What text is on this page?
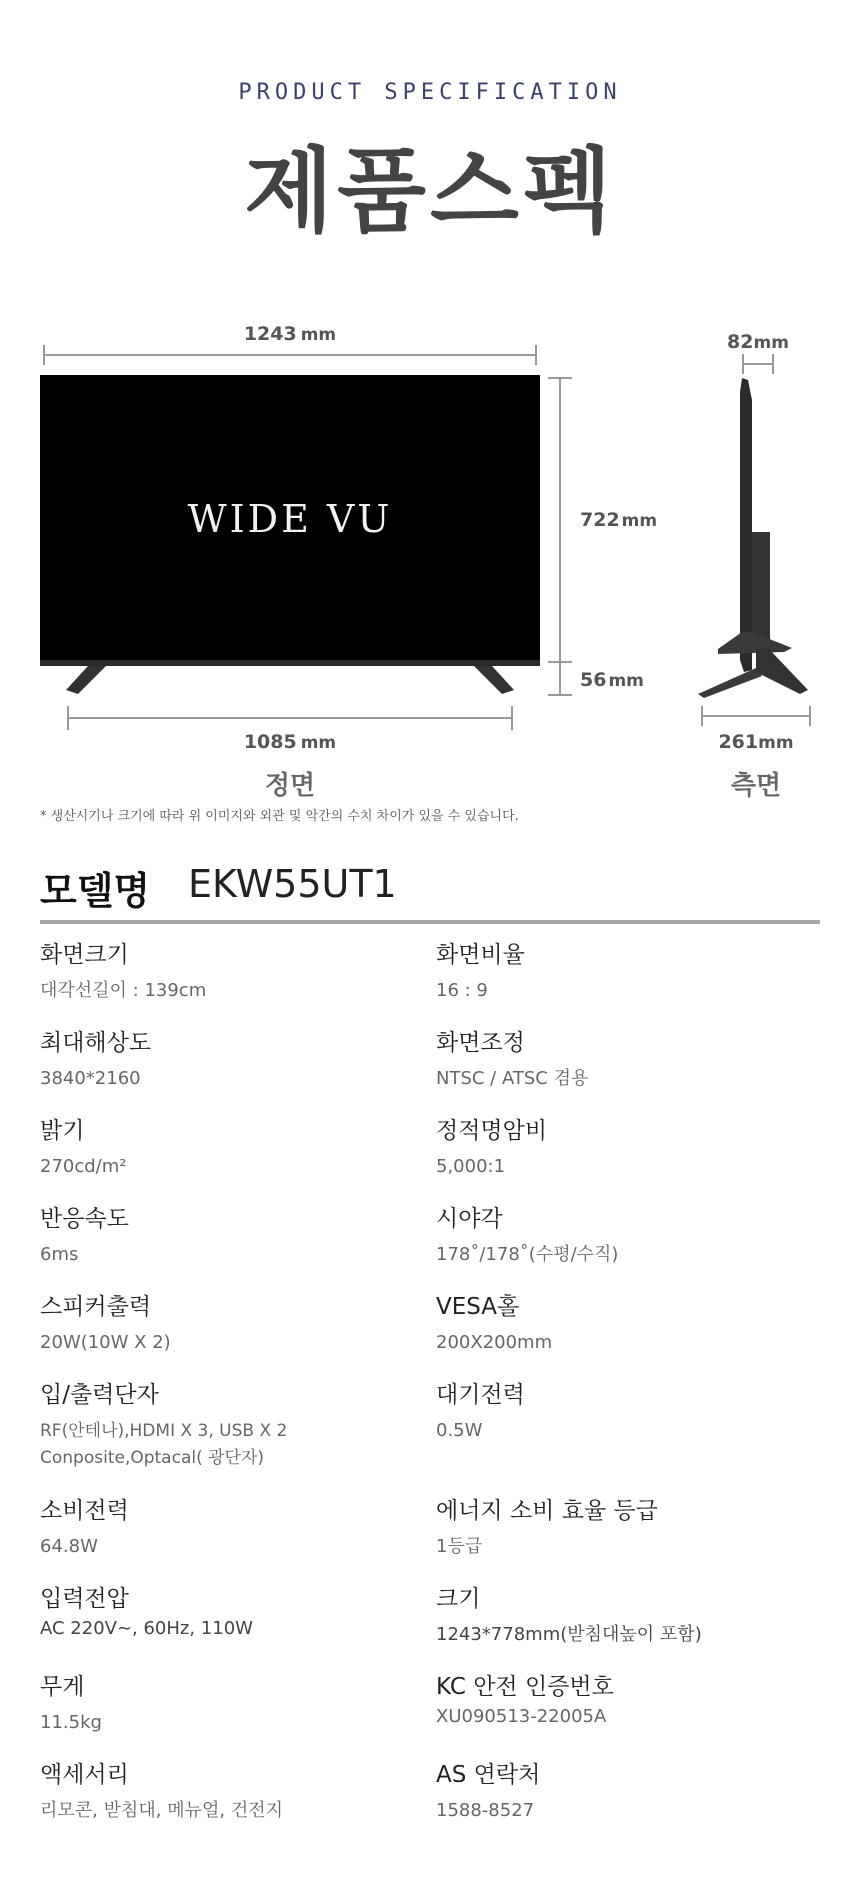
PRODUCT SPECIFICATION
제품스펙
1243 mm
WIDE VU	722 mm
56 mm
1085 mm
82mm
261mm
정면	측면
* 생산시기나 크기에 따라 위 이미지와 외관 및 악간의 수치 차이가 있을 수 있습니다.
모델명 EKW55UT1
화면크기
대각선길이 : 139cm
화면비율
16 : 9
최대해상도
3840*2160
화면조정
NTSC / ATSC 겸용
밝기
270cd/m²
정적명암비
5,000:1
반응속도
6ms
시야각
178˚/178˚(수평/수직)
스피커출력
20W(10W X 2)
VESA홀
200X200mm
입/출력단자
RF(안테나),HDMI X 3, USB X 2
Conposite,Optacal( 광단자)
대기전력
0.5W
소비전력
64.8W
에너지 소비 효율 등급
1등급
입력전압
AC 220V~, 60Hz, 110W
크기
1243*778mm(받침대높이 포함)
무게
11.5kg
KC 안전 인증번호
XU090513-22005A
액세서리
리모콘, 받침대, 메뉴얼, 건전지
AS 연락처
1588-8527
